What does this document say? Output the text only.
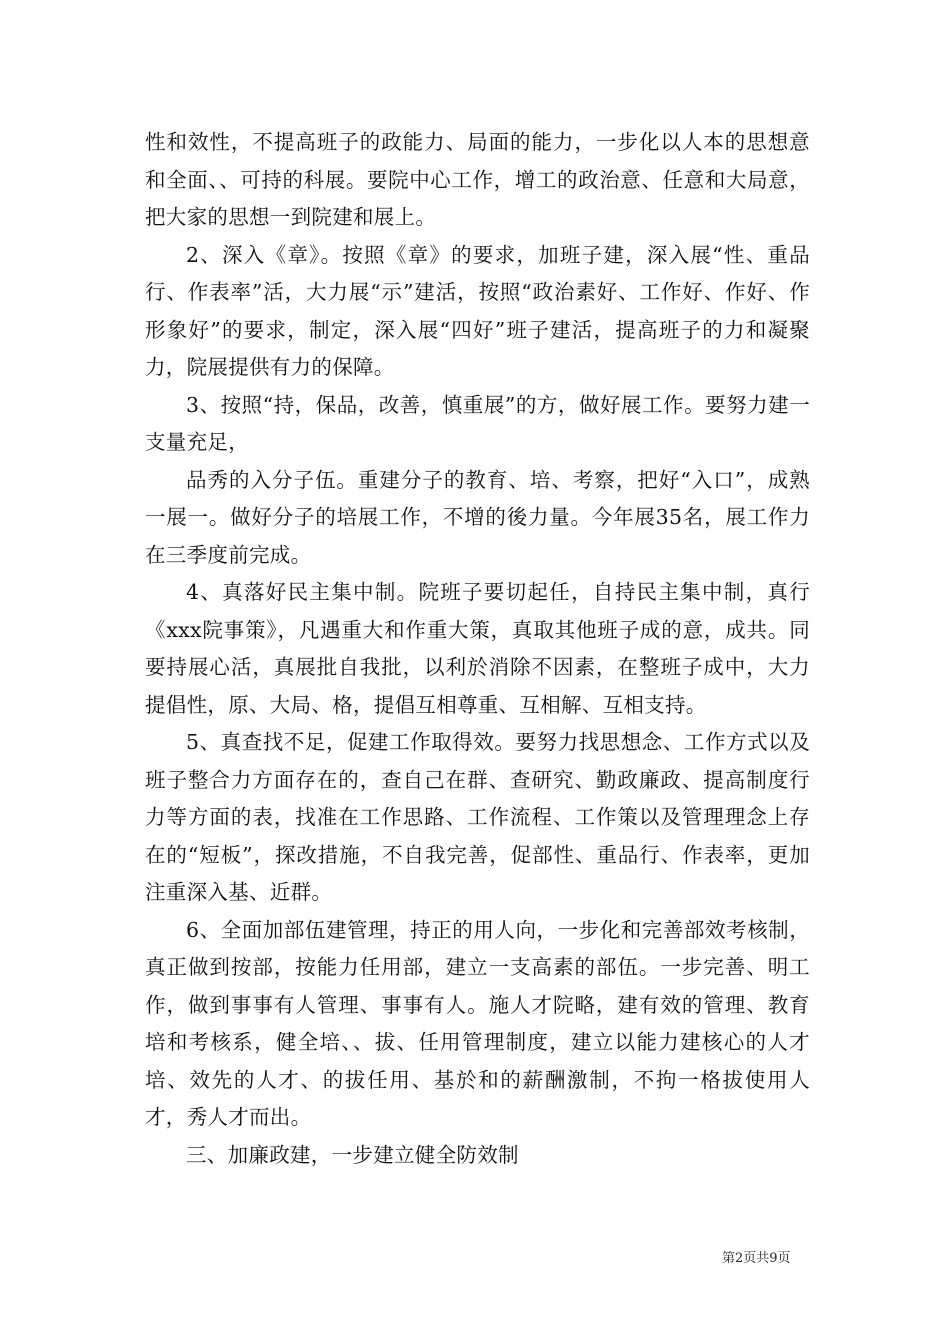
性和效性，不提高班子的政能力、局面的能力，一步化以人本的思想意和全面、、可持的科展。要院中心工作，增工的政治意、任意和大局意，把大家的思想一到院建和展上。

2、深入《章》。按照《章》的要求，加班子建，深入展“性、重品行、作表率”活，大力展“示”建活，按照“政治素好、工作好、作好、作形象好”的要求，制定，深入展“四好”班子建活，提高班子的力和凝聚力，院展提供有力的保障。

3、按照“持，保品，改善，慎重展”的方，做好展工作。要努力建一支量充足，

品秀的入分子伍。重建分子的教育、培、考察，把好“入口”，成熟一展一。做好分子的培展工作，不增的後力量。今年展35名，展工作力在三季度前完成。

4、真落好民主集中制。院班子要切起任，自持民主集中制，真行《xxx院事策》，凡遇重大和作重大策，真取其他班子成的意，成共。同要持展心活，真展批自我批，以利於消除不因素，在整班子成中，大力提倡性，原、大局、格，提倡互相尊重、互相解、互相支持。

5、真查找不足，促建工作取得效。要努力找思想念、工作方式以及班子整合力方面存在的，查自己在群、查研究、勤政廉政、提高制度行力等方面的表，找准在工作思路、工作流程、工作策以及管理理念上存在的“短板”，探改措施，不自我完善，促部性、重品行、作表率，更加注重深入基、近群。

6、全面加部伍建管理，持正的用人向，一步化和完善部效考核制，真正做到按部，按能力任用部，建立一支高素的部伍。一步完善、明工作，做到事事有人管理、事事有人。施人才院略，建有效的管理、教育培和考核系，健全培、、拔、任用管理制度，建立以能力建核心的人才培、效先的人才、的拔任用、基於和的薪酬激制，不拘一格拔使用人才，秀人才而出。

三、加廉政建，一步建立健全防效制

第2页共9页
